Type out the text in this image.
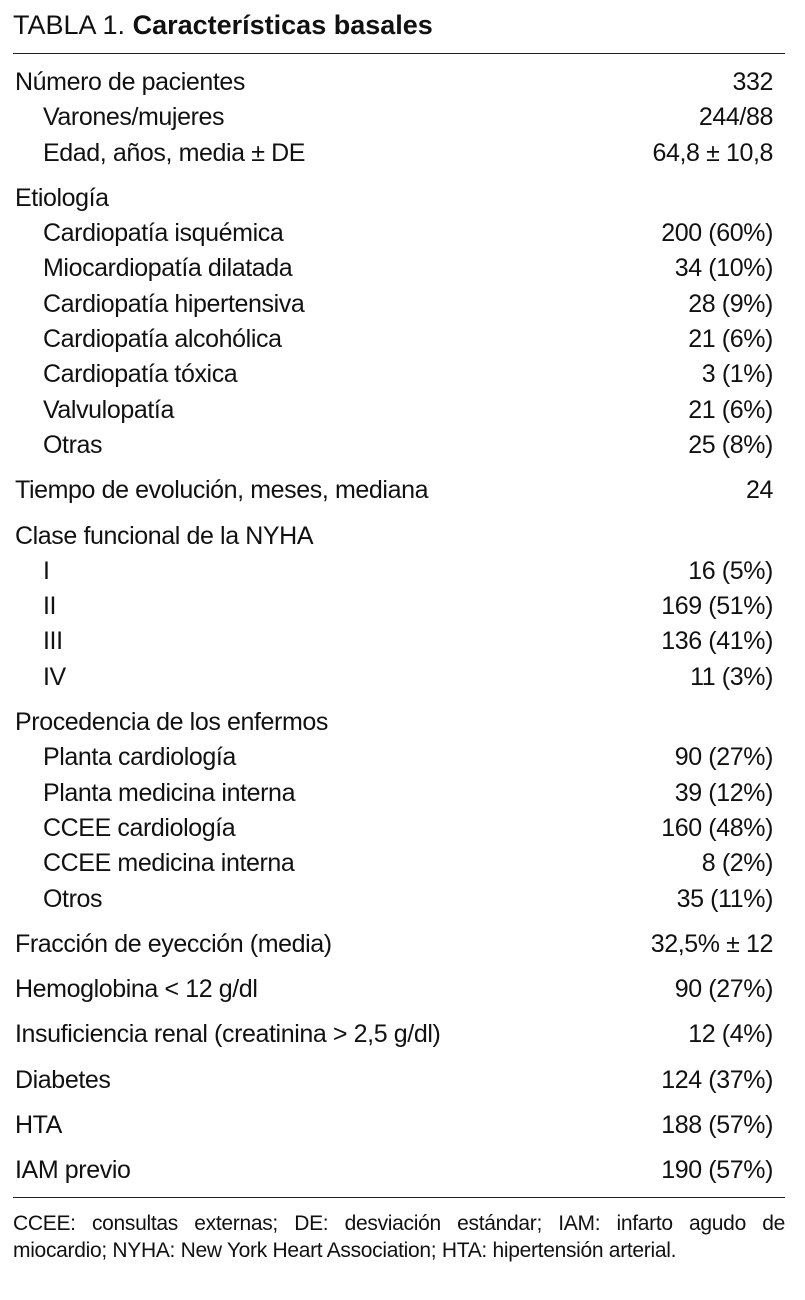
TABLA 1. Características basales
Número de pacientes	332
Varones/mujeres	244/88
Edad, años, media ± DE	64,8 ± 10,8
Etiología	
Cardiopatía isquémica	200 (60%)
Miocardiopatía dilatada	34 (10%)
Cardiopatía hipertensiva	28 (9%)
Cardiopatía alcohólica	21 (6%)
Cardiopatía tóxica	3 (1%)
Valvulopatía	21 (6%)
Otras	25 (8%)
Tiempo de evolución, meses, mediana	24
Clase funcional de la NYHA	
I	16 (5%)
II	169 (51%)
III	136 (41%)
IV	11 (3%)
Procedencia de los enfermos	
Planta cardiología	90 (27%)
Planta medicina interna	39 (12%)
CCEE cardiología	160 (48%)
CCEE medicina interna	8 (2%)
Otros	35 (11%)
Fracción de eyección (media)	32,5% ± 12
Hemoglobina < 12 g/dl	90 (27%)
Insuficiencia renal (creatinina > 2,5 g/dl)	12 (4%)
Diabetes	124 (37%)
HTA	188 (57%)
IAM previo	190 (57%)
CCEE: consultas externas; DE: desviación estándar; IAM: infarto agudo de miocardio; NYHA: New York Heart Association; HTA: hipertensión arterial.
